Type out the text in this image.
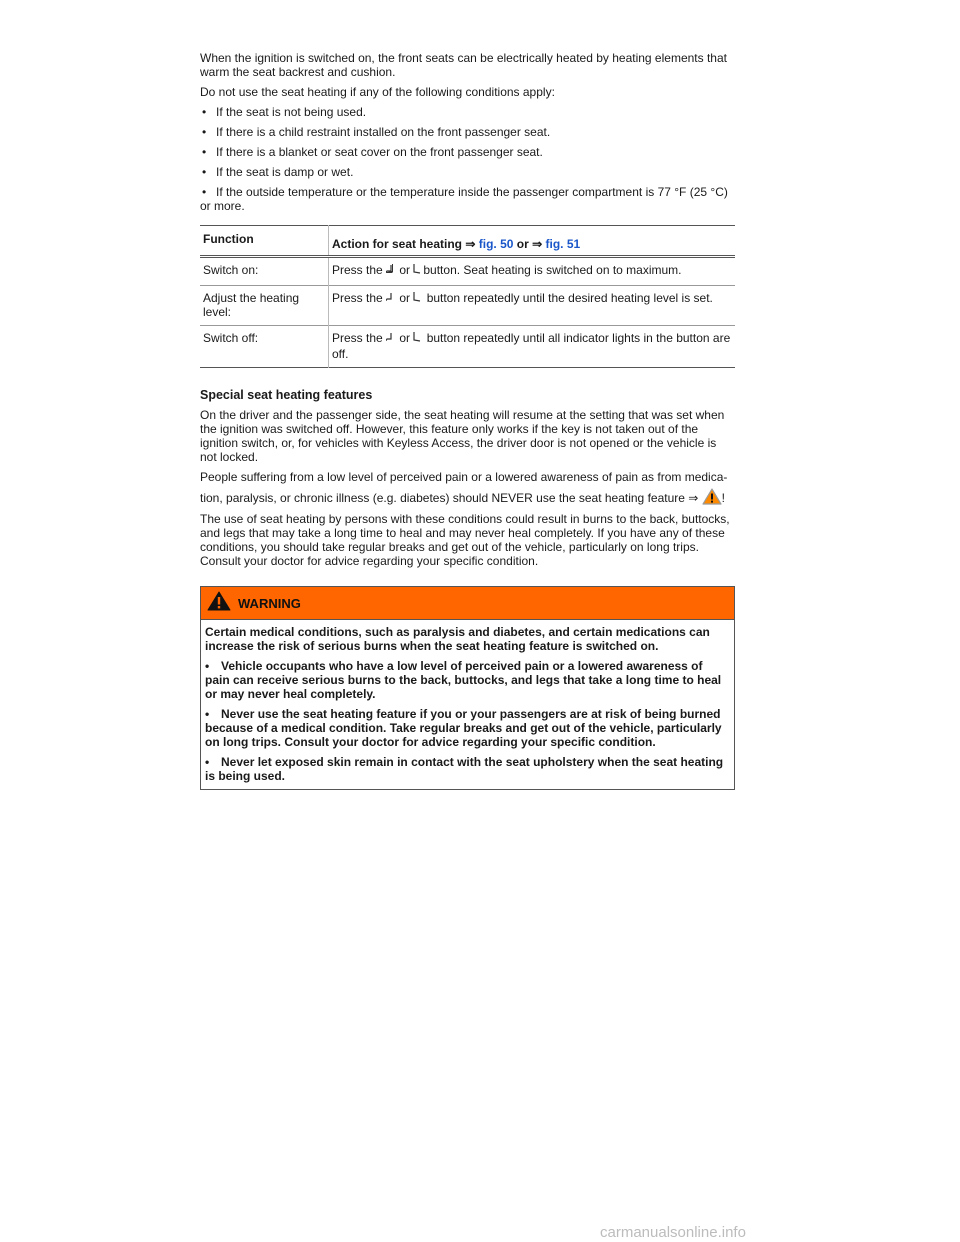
When the ignition is switched on, the front seats can be electrically heated by heating elements that warm the seat backrest and cushion.

Do not use the seat heating if any of the following conditions apply:

• If the seat is not being used.
• If there is a child restraint installed on the front passenger seat.
• If there is a blanket or seat cover on the front passenger seat.
• If the seat is damp or wet.
• If the outside temperature or the temperature inside the passenger compartment is 77 °F (25 °C) or more.
Function	Action for seat heating ⇒ fig. 50 or ⇒ fig. 51
Switch on:	Press the  or button. Seat heating is switched on to maximum.
Adjust the heating level:	Press the  or  button repeatedly until the desired heating level is set.
Switch off:	Press the  or  button repeatedly until all indicator lights in the button are off.
Special seat heating features

On the driver and the passenger side, the seat heating will resume at the setting that was set when the ignition was switched off. However, this feature only works if the key is not taken out of the ignition switch, or, for vehicles with Keyless Access, the driver door is not opened or the vehicle is not locked.

People suffering from a low level of perceived pain or a lowered awareness of pain as from medica-

tion, paralysis, or chronic illness (e.g. diabetes) should NEVER use the seat heating feature ⇒ !

The use of seat heating by persons with these conditions could result in burns to the back, buttocks, and legs that may take a long time to heal and may never heal completely. If you have any of these conditions, you should take regular breaks and get out of the vehicle, particularly on long trips. Consult your doctor for advice regarding your specific condition.

WARNING

Certain medical conditions, such as paralysis and diabetes, and certain medications can increase the risk of serious burns when the seat heating feature is switched on.

• Vehicle occupants who have a low level of perceived pain or a lowered awareness of pain can receive serious burns to the back, buttocks, and legs that take a long time to heal or may never heal completely.

• Never use the seat heating feature if you or your passengers are at risk of being burned because of a medical condition. Take regular breaks and get out of the vehicle, particularly on long trips. Consult your doctor for advice regarding your specific condition.

• Never let exposed skin remain in contact with the seat upholstery when the seat heating is being used.

carmanualsonline.info
